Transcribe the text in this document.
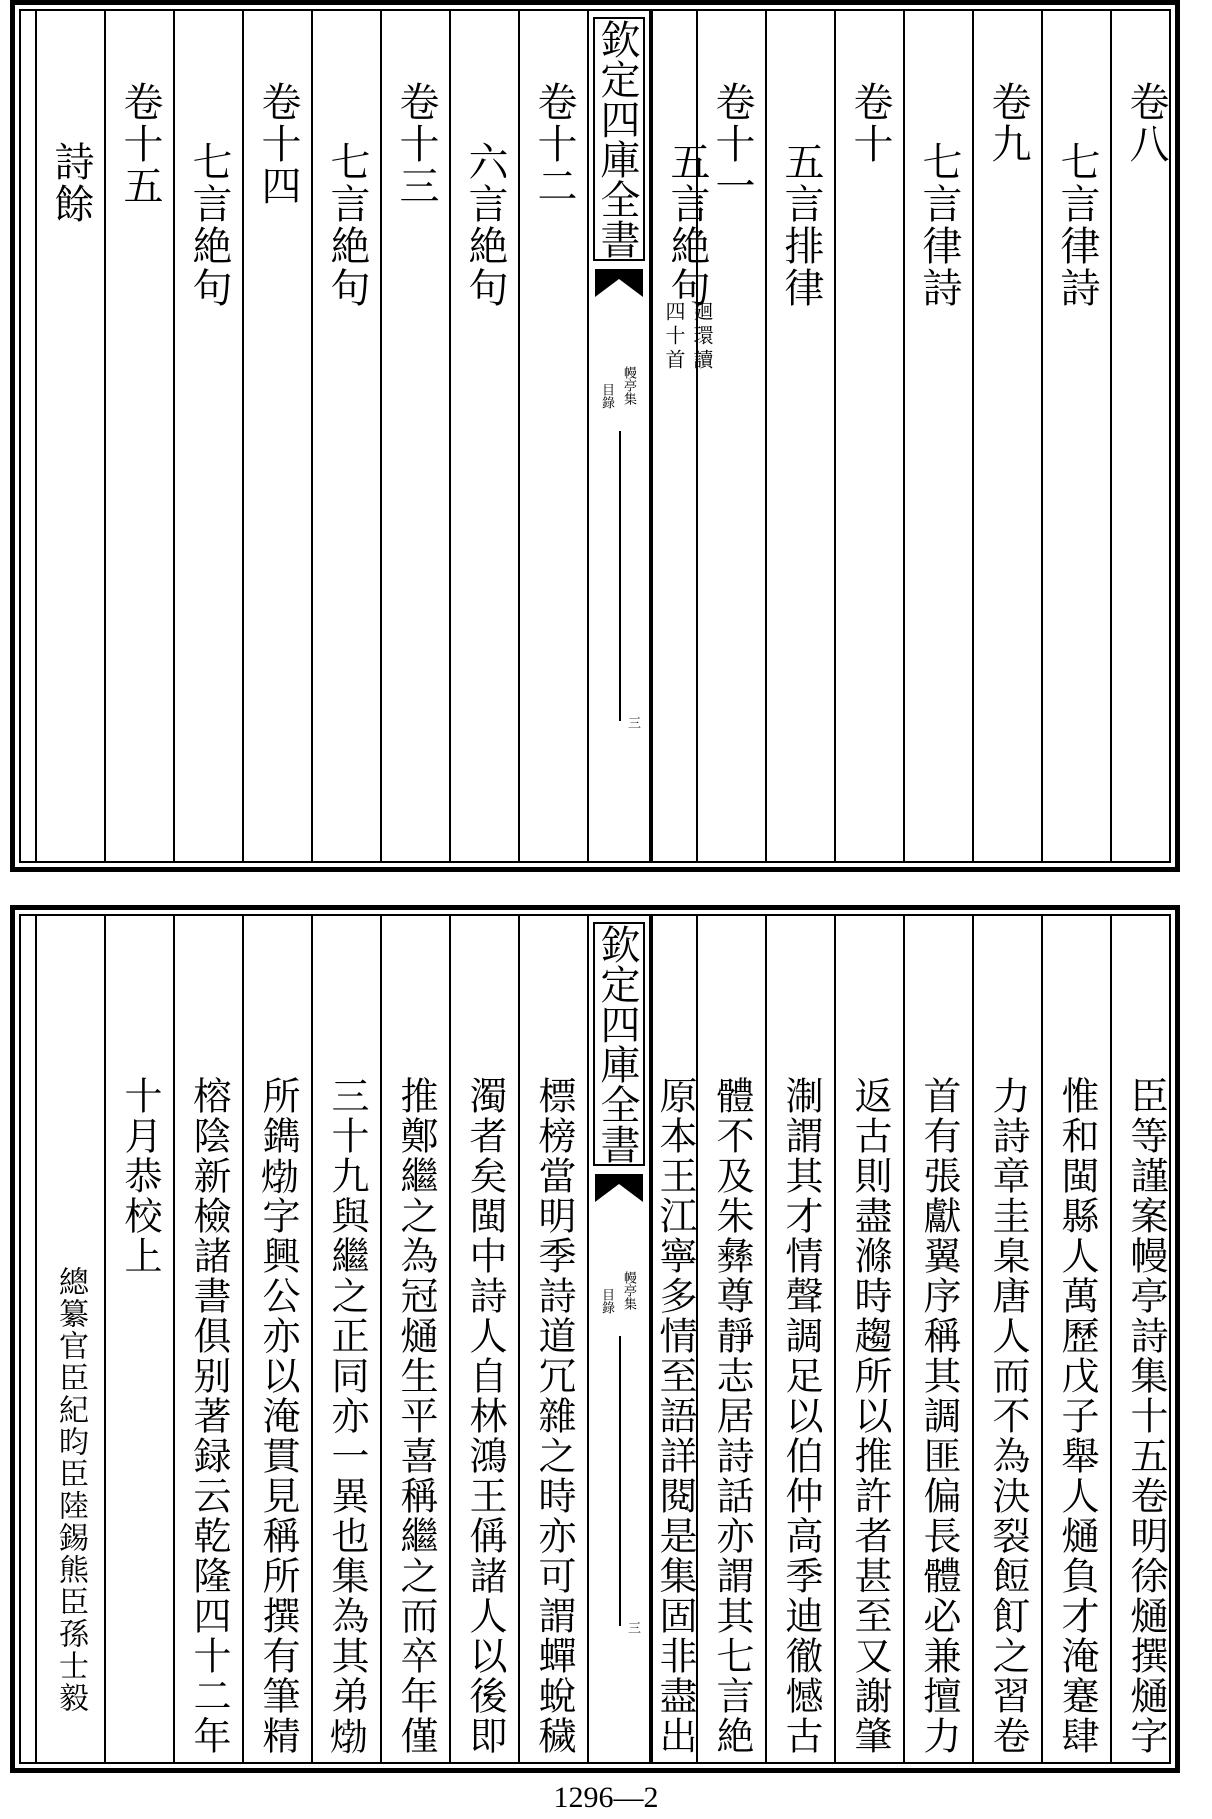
卷八
七言律詩
卷九
七言律詩
卷十
五言排律
卷十一
五言絶句
廻環讀
四十首
欽定四庫全書
幔亭集
目錄
三
卷十二
六言絶句
卷十三
七言絶句
卷十四
七言絶句
卷十五
詩餘
臣等謹案幔亭詩集十五卷明徐熥撰熥字
惟和閩縣人萬歷戊子舉人熥負才淹蹇肆
力詩章圭臬唐人而不為決裂餖飣之習卷
首有張獻翼序稱其調匪偏長體必兼擅力
返古則盡滌時趨所以推許者甚至又謝肇
淛謂其才情聲調足以伯仲高季迪徹憾古
體不及朱彝尊靜志居詩話亦謂其七言絶
原本王江寧多情至語詳閱是集固非盡出
欽定四庫全書
幔亭集
目錄
三
標榜當明季詩道冗雜之時亦可謂蟬蛻穢
濁者矣閩中詩人自林鴻王偁諸人以後即
推鄭繼之為冠熥生平喜稱繼之而卒年僅
三十九與繼之正同亦一異也集為其弟𤊹
所鐫𤊹字興公亦以淹貫見稱所撰有筆精
榕陰新檢諸書俱别著録云乾隆四十二年
十月恭校上
總纂官臣紀昀臣陸錫熊臣孫士毅
1296—2
